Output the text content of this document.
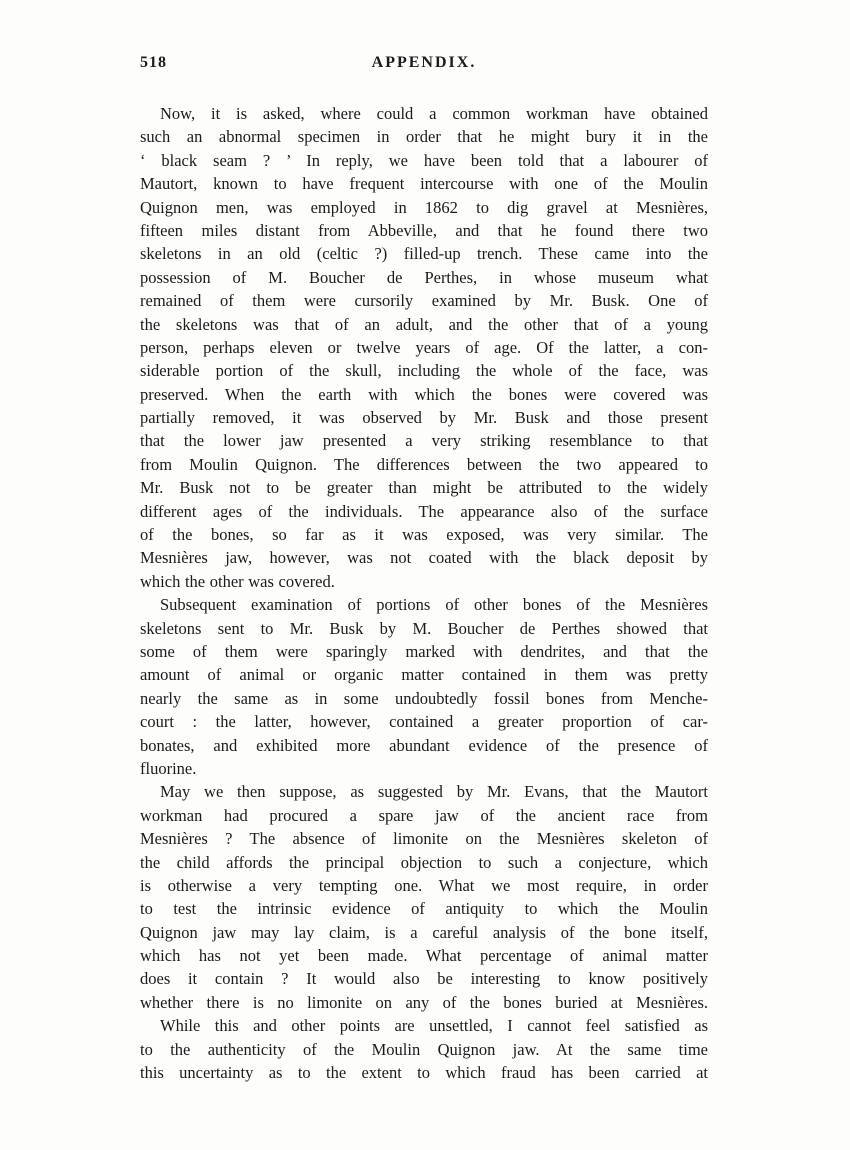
518	APPENDIX.
Now, it is asked, where could a common workman have obtained
such an abnormal specimen in order that he might bury it in the
‘ black seam ? ’ In reply, we have been told that a labourer of
Mautort, known to have frequent intercourse with one of the Moulin
Quignon men, was employed in 1862 to dig gravel at Mesnières,
fifteen miles distant from Abbeville, and that he found there two
skeletons in an old (celtic ?) filled-up trench. These came into the
possession of M. Boucher de Perthes, in whose museum what
remained of them were cursorily examined by Mr. Busk. One of
the skeletons was that of an adult, and the other that of a young
person, perhaps eleven or twelve years of age. Of the latter, a con-
siderable portion of the skull, including the whole of the face, was
preserved. When the earth with which the bones were covered was
partially removed, it was observed by Mr. Busk and those present
that the lower jaw presented a very striking resemblance to that
from Moulin Quignon. The differences between the two appeared to
Mr. Busk not to be greater than might be attributed to the widely
different ages of the individuals. The appearance also of the surface
of the bones, so far as it was exposed, was very similar. The
Mesnières jaw, however, was not coated with the black deposit by
which the other was covered.
Subsequent examination of portions of other bones of the Mesnières
skeletons sent to Mr. Busk by M. Boucher de Perthes showed that
some of them were sparingly marked with dendrites, and that the
amount of animal or organic matter contained in them was pretty
nearly the same as in some undoubtedly fossil bones from Menche-
court : the latter, however, contained a greater proportion of car-
bonates, and exhibited more abundant evidence of the presence of
fluorine.
May we then suppose, as suggested by Mr. Evans, that the Mautort
workman had procured a spare jaw of the ancient race from
Mesnières ? The absence of limonite on the Mesnières skeleton of
the child affords the principal objection to such a conjecture, which
is otherwise a very tempting one. What we most require, in order
to test the intrinsic evidence of antiquity to which the Moulin
Quignon jaw may lay claim, is a careful analysis of the bone itself,
which has not yet been made. What percentage of animal matter
does it contain ? It would also be interesting to know positively
whether there is no limonite on any of the bones buried at Mesnières.
While this and other points are unsettled, I cannot feel satisfied as
to the authenticity of the Moulin Quignon jaw. At the same time
this uncertainty as to the extent to which fraud has been carried at
